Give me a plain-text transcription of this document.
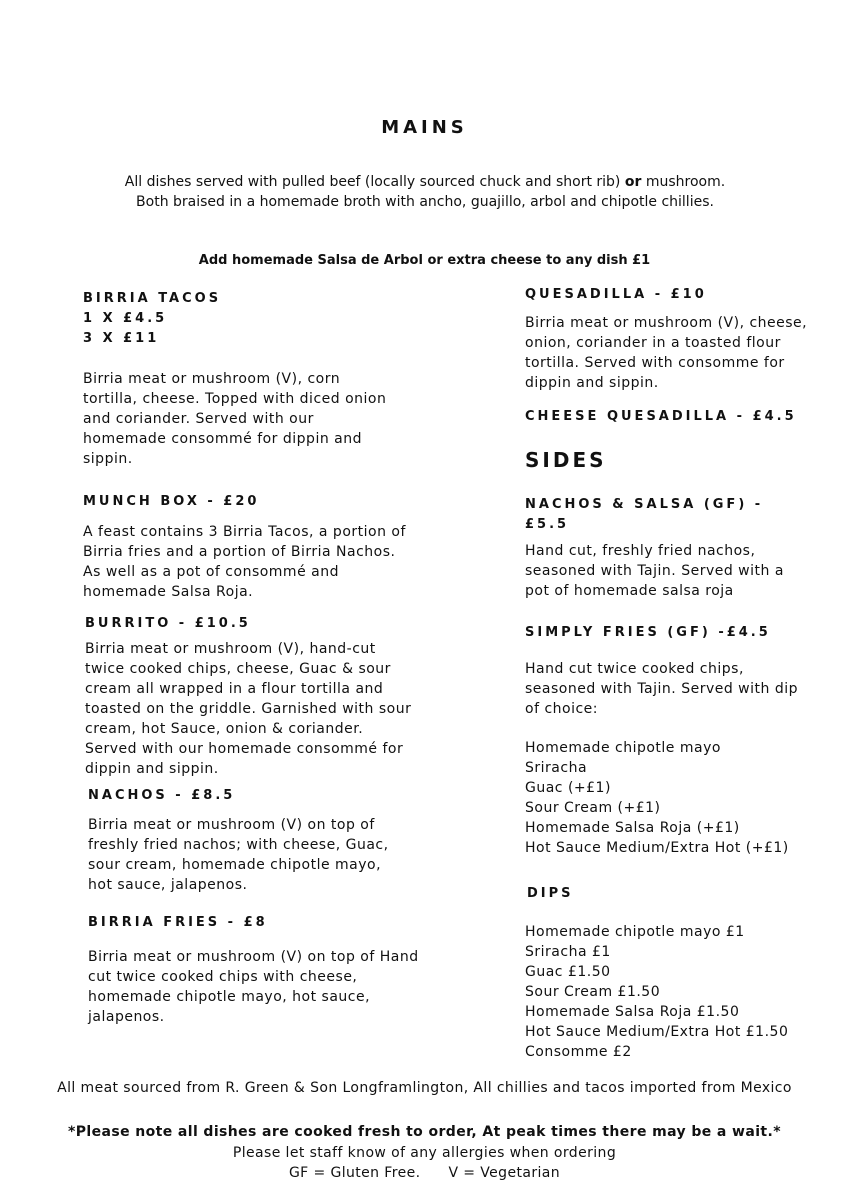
MAINS
All dishes served with pulled beef (locally sourced chuck and short rib) or mushroom. Both braised in a homemade broth with ancho, guajillo, arbol and chipotle chillies.
Add homemade Salsa de Arbol or extra cheese to any dish £1
BIRRIA TACOS
1 X £4.5
3 X £11
Birria meat or mushroom (V), corn tortilla, cheese. Topped with diced onion and coriander. Served with our homemade consommé for dippin and sippin.
MUNCH BOX - £20
A feast contains 3 Birria Tacos, a portion of Birria fries and a portion of Birria Nachos. As well as a pot of consommé and homemade Salsa Roja.
BURRITO - £10.5
Birria meat or mushroom (V), hand-cut twice cooked chips, cheese, Guac & sour cream all wrapped in a flour tortilla and toasted on the griddle. Garnished with sour cream, hot Sauce, onion & coriander. Served with our homemade consommé for dippin and sippin.
NACHOS - £8.5
Birria meat or mushroom (V) on top of freshly fried nachos; with cheese, Guac, sour cream, homemade chipotle mayo, hot sauce, jalapenos.
BIRRIA FRIES - £8
Birria meat or mushroom (V) on top of Hand cut twice cooked chips with cheese, homemade chipotle mayo, hot sauce, jalapenos.
QUESADILLA - £10
Birria meat or mushroom (V), cheese, onion, coriander in a toasted flour tortilla. Served with consomme for dippin and sippin.
CHEESE QUESADILLA - £4.5
SIDES
NACHOS & SALSA (GF) - £5.5
Hand cut, freshly fried nachos, seasoned with Tajin. Served with a pot of homemade salsa roja
SIMPLY FRIES (GF) -£4.5
Hand cut twice cooked chips, seasoned with Tajin. Served with dip of choice:
Homemade chipotle mayo
Sriracha
Guac (+£1)
Sour Cream (+£1)
Homemade Salsa Roja (+£1)
Hot Sauce Medium/Extra Hot (+£1)
DIPS
Homemade chipotle mayo £1
Sriracha £1
Guac £1.50
Sour Cream £1.50
Homemade Salsa Roja £1.50
Hot Sauce Medium/Extra Hot £1.50
Consomme £2
All meat sourced from R. Green & Son Longframlington, All chillies and tacos imported from Mexico
*Please note all dishes are cooked fresh to order, At peak times there may be a wait.*
Please let staff know of any allergies when ordering
GF = Gluten Free. V = Vegetarian
